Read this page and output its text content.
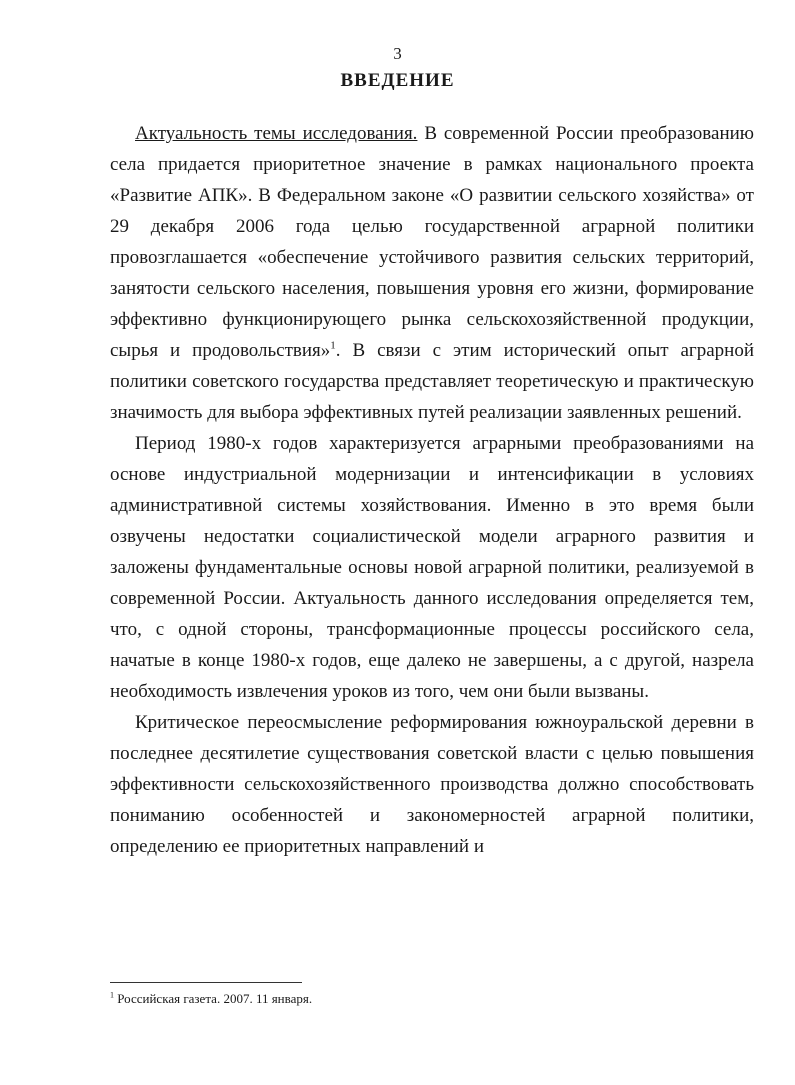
3
ВВЕДЕНИЕ

Актуальность темы исследования. В современной России преобразованию села придается приоритетное значение в рамках национального проекта «Развитие АПК». В Федеральном законе «О развитии сельского хозяйства» от 29 декабря 2006 года целью государственной аграрной политики провозглашается «обеспечение устойчивого развития сельских территорий, занятости сельского населения, повышения уровня его жизни, формирование эффективно функционирующего рынка сельскохозяйственной продукции, сырья и продовольствия»$^1$. В связи с этим исторический опыт аграрной политики советского государства представляет теоретическую и практическую значимость для выбора эффективных путей реализации заявленных решений.

Период 1980-х годов характеризуется аграрными преобразованиями на основе индустриальной модернизации и интенсификации в условиях административной системы хозяйствования. Именно в это время были озвучены недостатки социалистической модели аграрного развития и заложены фундаментальные основы новой аграрной политики, реализуемой в современной России. Актуальность данного исследования определяется тем, что, с одной стороны, трансформационные процессы российского села, начатые в конце 1980-х годов, еще далеко не завершены, а с другой, назрела необходимость извлечения уроков из того, чем они были вызваны.

Критическое переосмысление реформирования южноуральской деревни в последнее десятилетие существования советской власти с целью повышения эффективности сельскохозяйственного производства должно способствовать пониманию особенностей и закономерностей аграрной политики, определению ее приоритетных направлений и

$^1$ Российская газета. 2007. 11 января.
